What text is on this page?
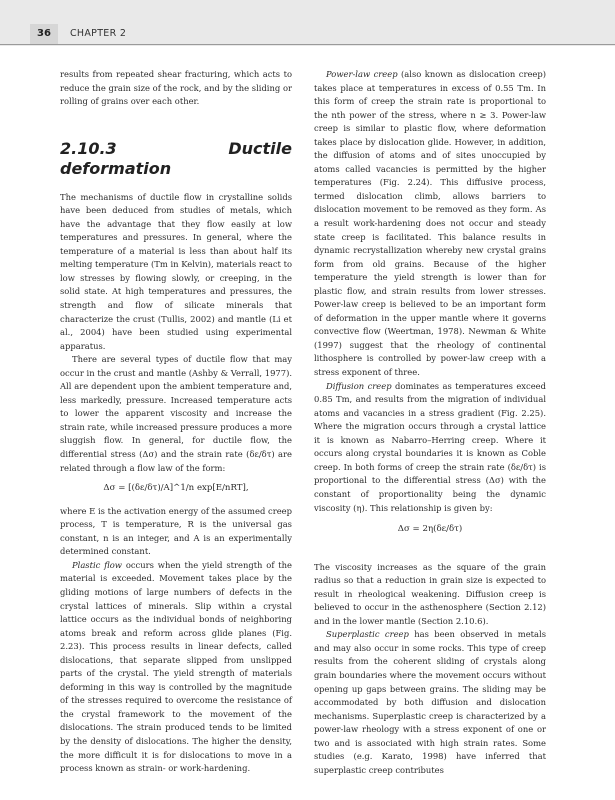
36	CHAPTER 2

results from repeated shear fracturing, which acts to reduce the grain size of the rock, and by the sliding or rolling of grains over each other.

2.10.3 Ductile deformation

The mechanisms of ductile flow in crystalline solids have been deduced from studies of metals, which have the advantage that they flow easily at low temperatures and pressures. In general, where the temperature of a material is less than about half its melting temperature (Tm in Kelvin), materials react to low stresses by flowing slowly, or creeping, in the solid state. At high temperatures and pressures, the strength and flow of silicate minerals that characterize the crust (Tullis, 2002) and mantle (Li et al., 2004) have been studied using experimental apparatus.

There are several types of ductile flow that may occur in the crust and mantle (Ashby & Verrall, 1977). All are dependent upon the ambient temperature and, less markedly, pressure. Increased temperature acts to lower the apparent viscosity and increase the strain rate, while increased pressure produces a more sluggish flow. In general, for ductile flow, the differential stress (Δσ) and the strain rate (δε/δτ) are related through a flow law of the form:

Δσ = [(δε/δτ)/A]^1/n exp[E/nRT],

where E is the activation energy of the assumed creep process, T is temperature, R is the universal gas constant, n is an integer, and A is an experimentally determined constant.

Plastic flow occurs when the yield strength of the material is exceeded. Movement takes place by the gliding motions of large numbers of defects in the crystal lattices of minerals. Slip within a crystal lattice occurs as the individual bonds of neighboring atoms break and reform across glide planes (Fig. 2.23). This process results in linear defects, called dislocations, that separate slipped from unslipped parts of the crystal. The yield strength of materials deforming in this way is controlled by the magnitude of the stresses required to overcome the resistance of the crystal framework to the movement of the dislocations. The strain produced tends to be limited by the density of dislocations. The higher the density, the more difficult it is for dislocations to move in a process known as strain- or work-hardening.

Power-law creep (also known as dislocation creep) takes place at temperatures in excess of 0.55 Tm. In this form of creep the strain rate is proportional to the nth power of the stress, where n ≥ 3. Power-law creep is similar to plastic flow, where deformation takes place by dislocation glide. However, in addition, the diffusion of atoms and of sites unoccupied by atoms called vacancies is permitted by the higher temperatures (Fig. 2.24). This diffusive process, termed dislocation climb, allows barriers to dislocation movement to be removed as they form. As a result work-hardening does not occur and steady state creep is facilitated. This balance results in dynamic recrystallization whereby new crystal grains form from old grains. Because of the higher temperature the yield strength is lower than for plastic flow, and strain results from lower stresses. Power-law creep is believed to be an important form of deformation in the upper mantle where it governs convective flow (Weertman, 1978). Newman & White (1997) suggest that the rheology of continental lithosphere is controlled by power-law creep with a stress exponent of three.

Diffusion creep dominates as temperatures exceed 0.85 Tm, and results from the migration of individual atoms and vacancies in a stress gradient (Fig. 2.25). Where the migration occurs through a crystal lattice it is known as Nabarro–Herring creep. Where it occurs along crystal boundaries it is known as Coble creep. In both forms of creep the strain rate (δε/δτ) is proportional to the differential stress (Δσ) with the constant of proportionality being the dynamic viscosity (η). This relationship is given by:

Δσ = 2η(δε/δτ)

The viscosity increases as the square of the grain radius so that a reduction in grain size is expected to result in rheological weakening. Diffusion creep is believed to occur in the asthenosphere (Section 2.12) and in the lower mantle (Section 2.10.6).

Superplastic creep has been observed in metals and may also occur in some rocks. This type of creep results from the coherent sliding of crystals along grain boundaries where the movement occurs without opening up gaps between grains. The sliding may be accommodated by both diffusion and dislocation mechanisms. Superplastic creep is characterized by a power-law rheology with a stress exponent of one or two and is associated with high strain rates. Some studies (e.g. Karato, 1998) have inferred that superplastic creep contributes
